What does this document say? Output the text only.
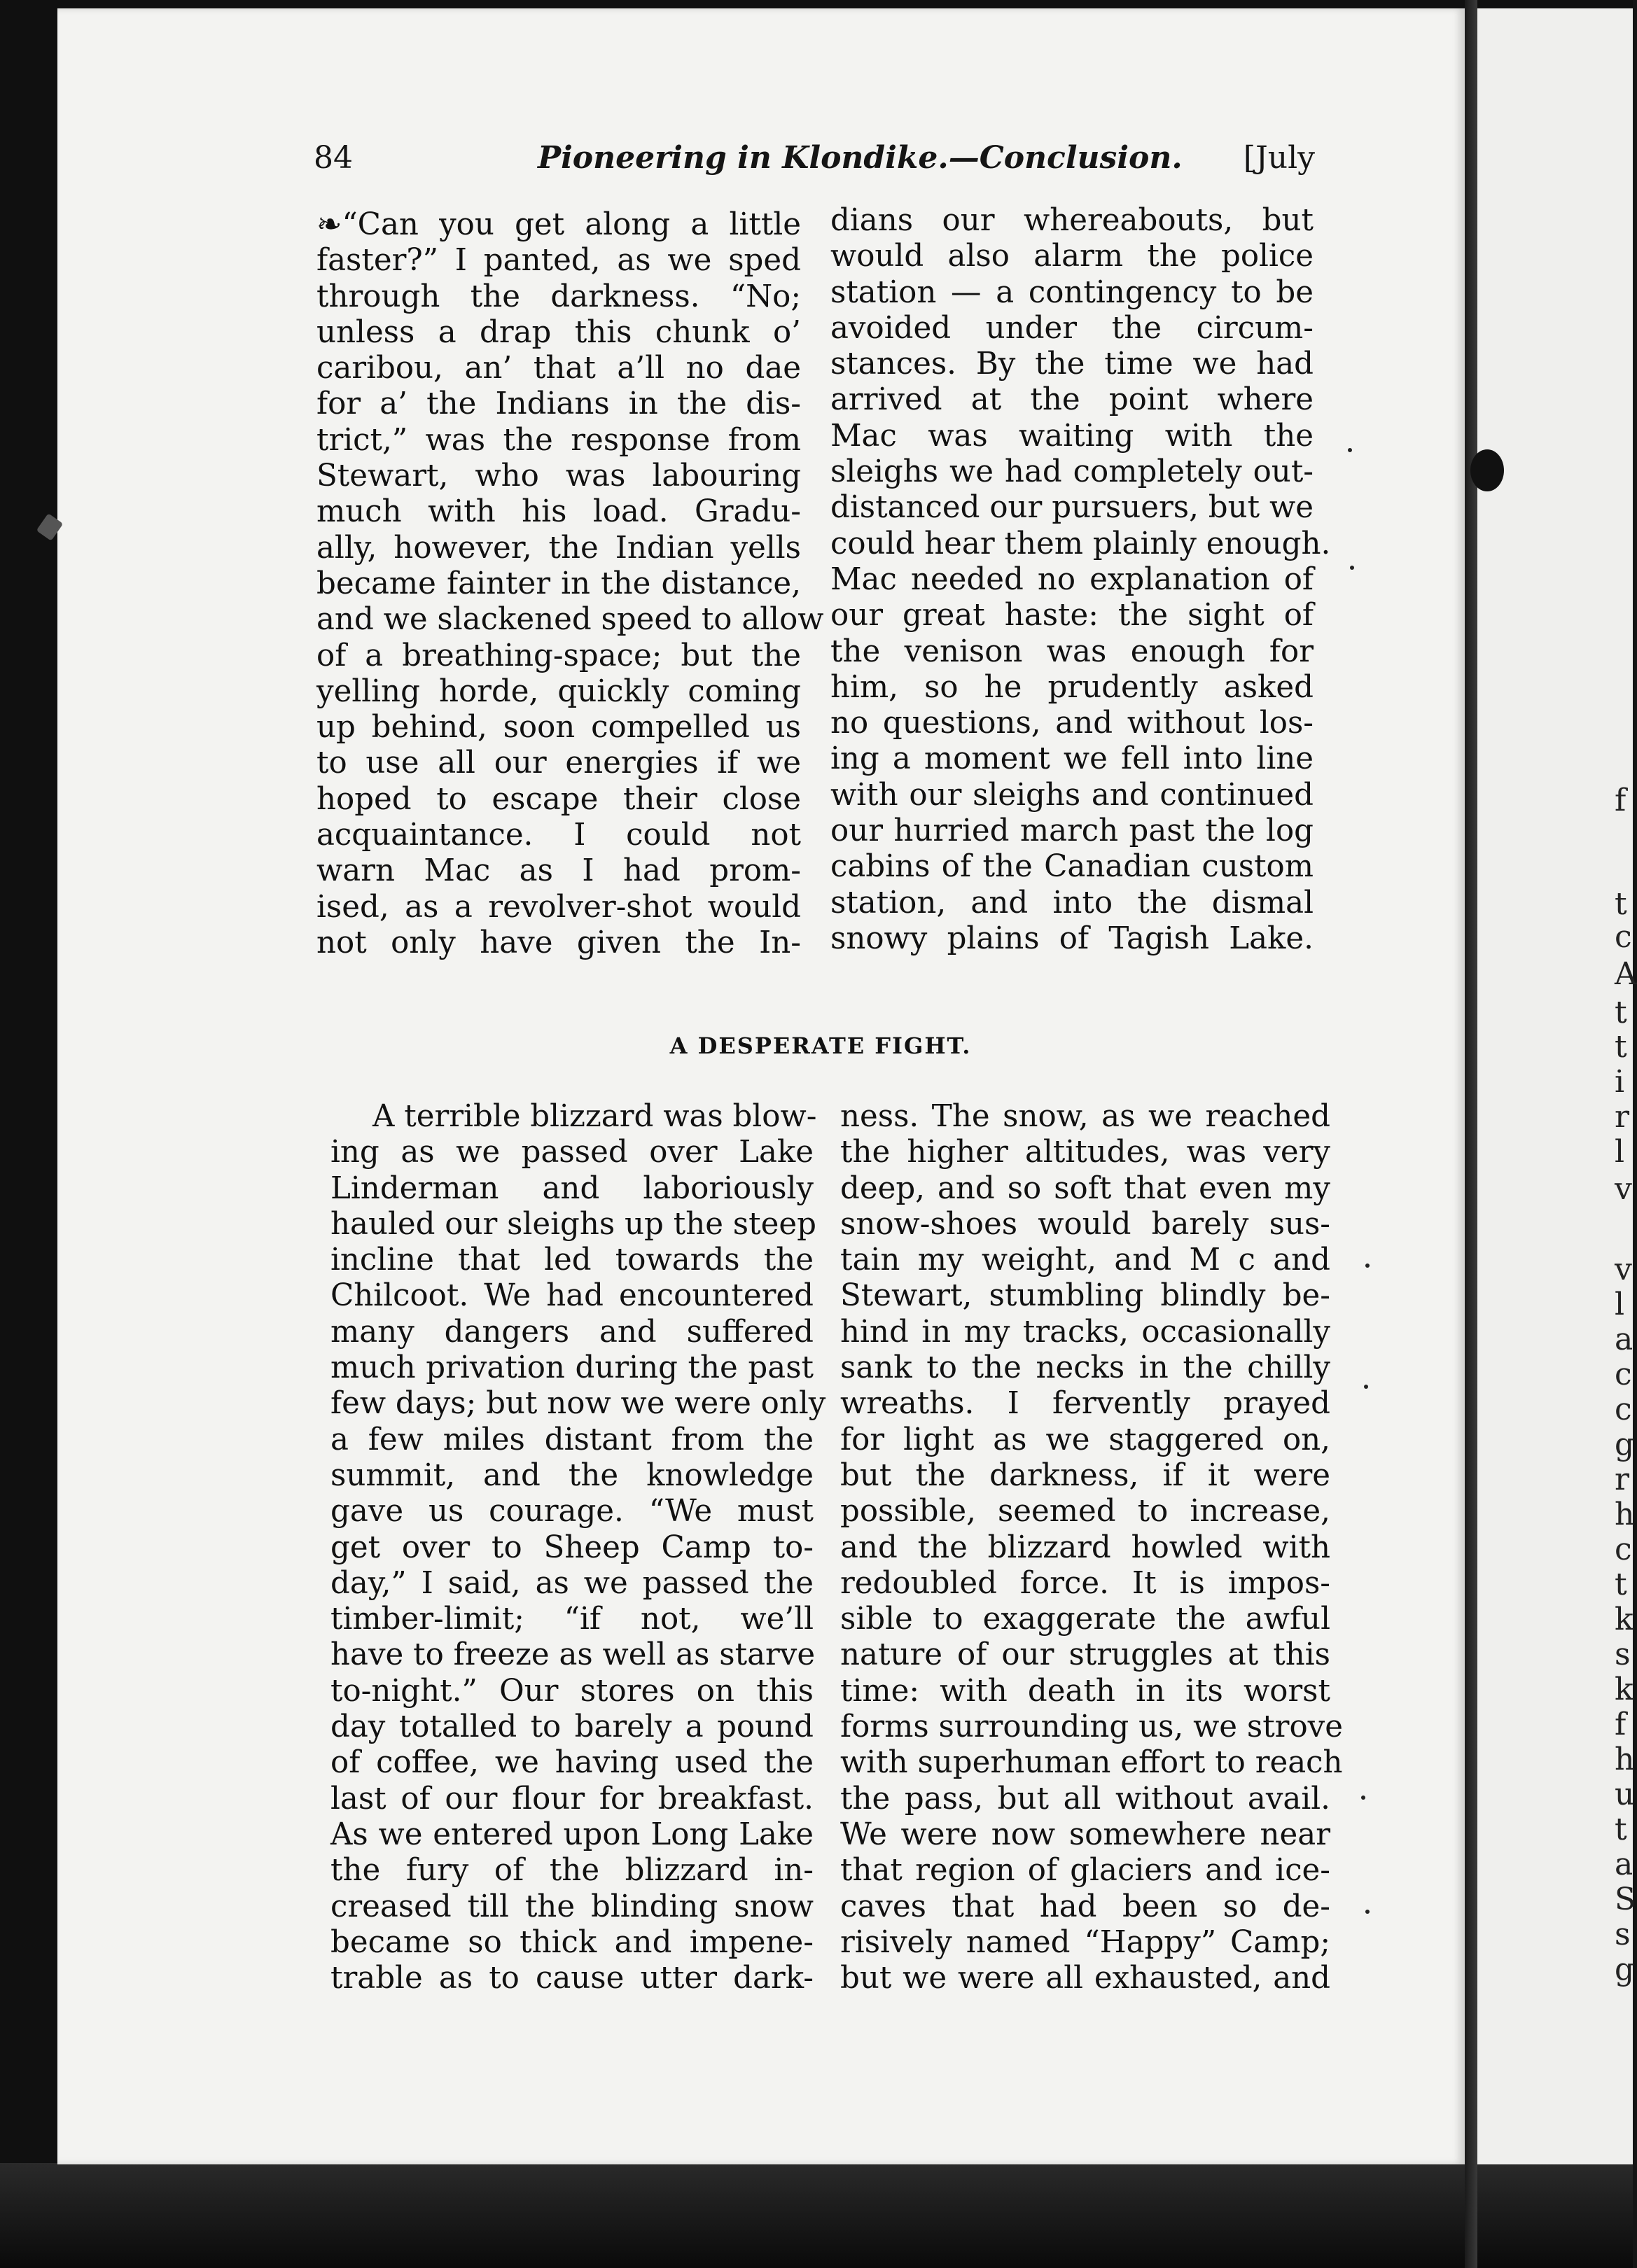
f
t
c
A
t
t
i
r
l
v
v
l
a
c
c
g
r
h
c
t
k
s
k
f
h
u
t
a
S
s
g
84	Pioneering in Klondike.—Conclusion. [July
❧“Can you get along a little
faster?” I panted, as we sped
through the darkness. “No;
unless a drap this chunk o’
caribou, an’ that a’ll no dae
for a’ the Indians in the dis-
trict,” was the response from
Stewart, who was labouring
much with his load. Gradu-
ally, however, the Indian yells
became fainter in the distance,
and we slackened speed to allow
of a breathing-space; but the
yelling horde, quickly coming
up behind, soon compelled us
to use all our energies if we
hoped to escape their close
acquaintance. I could not
warn Mac as I had prom-
ised, as a revolver-shot would
not only have given the In-
dians our whereabouts, but
would also alarm the police
station — a contingency to be
avoided under the circum-
stances. By the time we had
arrived at the point where
Mac was waiting with the
sleighs we had completely out-
distanced our pursuers, but we
could hear them plainly enough.
Mac needed no explanation of
our great haste: the sight of
the venison was enough for
him, so he prudently asked
no questions, and without los-
ing a moment we fell into line
with our sleighs and continued
our hurried march past the log
cabins of the Canadian custom
station, and into the dismal
snowy plains of Tagish Lake.
A DESPERATE FIGHT.
A terrible blizzard was blow-
ing as we passed over Lake
Linderman and laboriously
hauled our sleighs up the steep
incline that led towards the
Chilcoot. We had encountered
many dangers and suffered
much privation during the past
few days; but now we were only
a few miles distant from the
summit, and the knowledge
gave us courage. “We must
get over to Sheep Camp to-
day,” I said, as we passed the
timber-limit; “if not, we’ll
have to freeze as well as starve
to-night.” Our stores on this
day totalled to barely a pound
of coffee, we having used the
last of our flour for breakfast.
As we entered upon Long Lake
the fury of the blizzard in-
creased till the blinding snow
became so thick and impene-
trable as to cause utter dark-
ness. The snow, as we reached
the higher altitudes, was very
deep, and so soft that even my
snow-shoes would barely sus-
tain my weight, and M c and
Stewart, stumbling blindly be-
hind in my tracks, occasionally
sank to the necks in the chilly
wreaths. I fervently prayed
for light as we staggered on,
but the darkness, if it were
possible, seemed to increase,
and the blizzard howled with
redoubled force. It is impos-
sible to exaggerate the awful
nature of our struggles at this
time: with death in its worst
forms surrounding us, we strove
with superhuman effort to reach
the pass, but all without avail.
We were now somewhere near
that region of glaciers and ice-
caves that had been so de-
risively named “Happy” Camp;
but we were all exhausted, and
